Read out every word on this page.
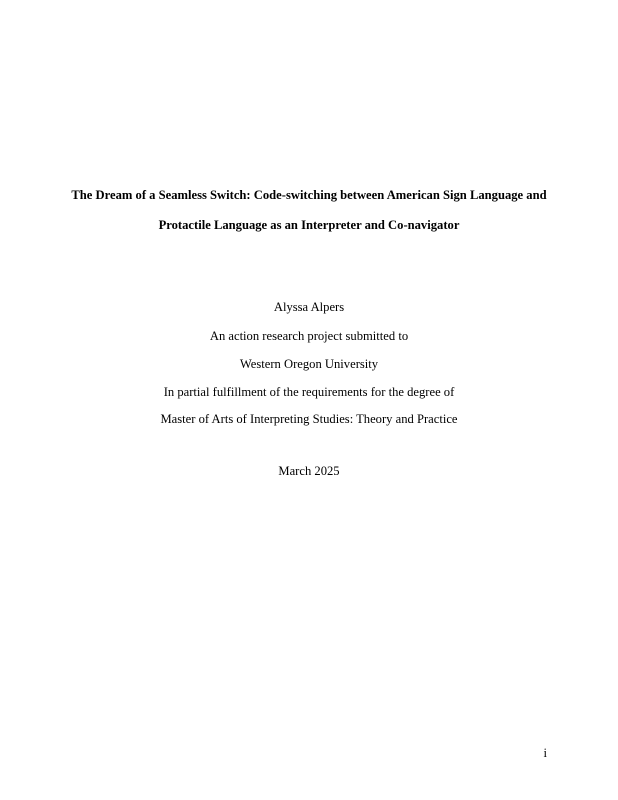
The Dream of a Seamless Switch: Code-switching between American Sign Language and
Protactile Language as an Interpreter and Co-navigator
Alyssa Alpers
An action research project submitted to
Western Oregon University
In partial fulfillment of the requirements for the degree of
Master of Arts of Interpreting Studies: Theory and Practice
March 2025
i
